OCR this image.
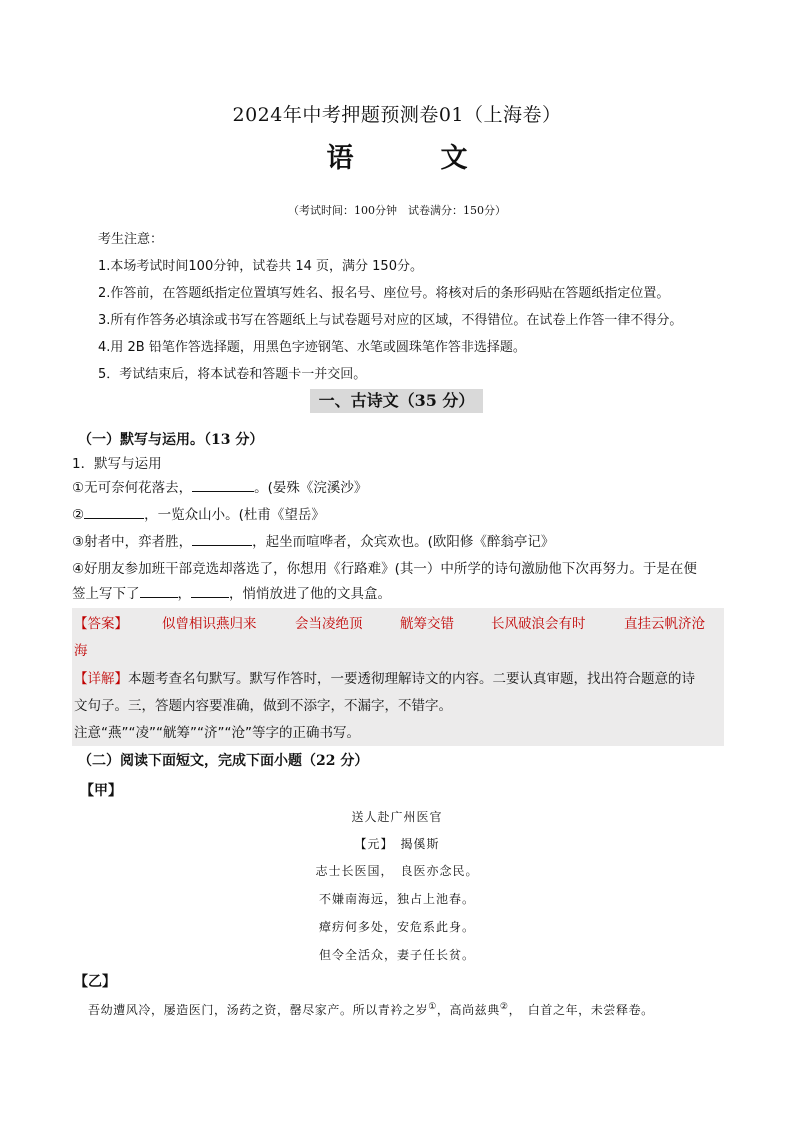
2024年中考押题预测卷01（上海卷）
语　文
（考试时间：100分钟　试卷满分：150分）
考生注意：
1.本场考试时间100分钟，试卷共 14 页，满分 150分。
2.作答前，在答题纸指定位置填写姓名、报名号、座位号。将核对后的条形码贴在答题纸指定位置。
3.所有作答务必填涂或书写在答题纸上与试卷题号对应的区域，不得错位。在试卷上作答一律不得分。
4.用 2B 铅笔作答选择题，用黑色字迹钢笔、水笔或圆珠笔作答非选择题。
5．考试结束后，将本试卷和答题卡一并交回。
一、古诗文（35 分）
（一）默写与运用。（13 分）
1．默写与运用
①无可奈何花落去，	。(晏殊《浣溪沙》
②	，一览众山小。(杜甫《望岳》
③射者中，弈者胜，	，起坐而喧哗者，众宾欢也。(欧阳修《醉翁亭记》
④好朋友参加班干部竞选却落选了，你想用《行路难》(其一）中所学的诗句激励他下次再努力。于是在便
签上写下了	，	，悄悄放进了他的文具盒。
【答案】	似曾相识燕归来	会当凌绝顶	觥筹交错	长风破浪会有时	直挂云帆济沧
海
【详解】本题考查名句默写。默写作答时，一要透彻理解诗文的内容。二要认真审题，找出符合题意的诗
文句子。三，答题内容要准确，做到不添字，不漏字，不错字。
注意“燕”“凌”“觥筹”“济”“沧”等字的正确书写。
（二）阅读下面短文，完成下面小题（22 分）
【甲】
送人赴广州医官
【元】　揭傒斯
志士长医国，　良医亦念民。
不嫌南海远，独占上池春。
瘴疠何多处，安危系此身。
但令全活众，妻子任长贫。
【乙】
吾幼遭风冷，屡造医门，汤药之资，罄尽家产。所以青衿之岁①，高尚兹典②，　白首之年，未尝释卷。
